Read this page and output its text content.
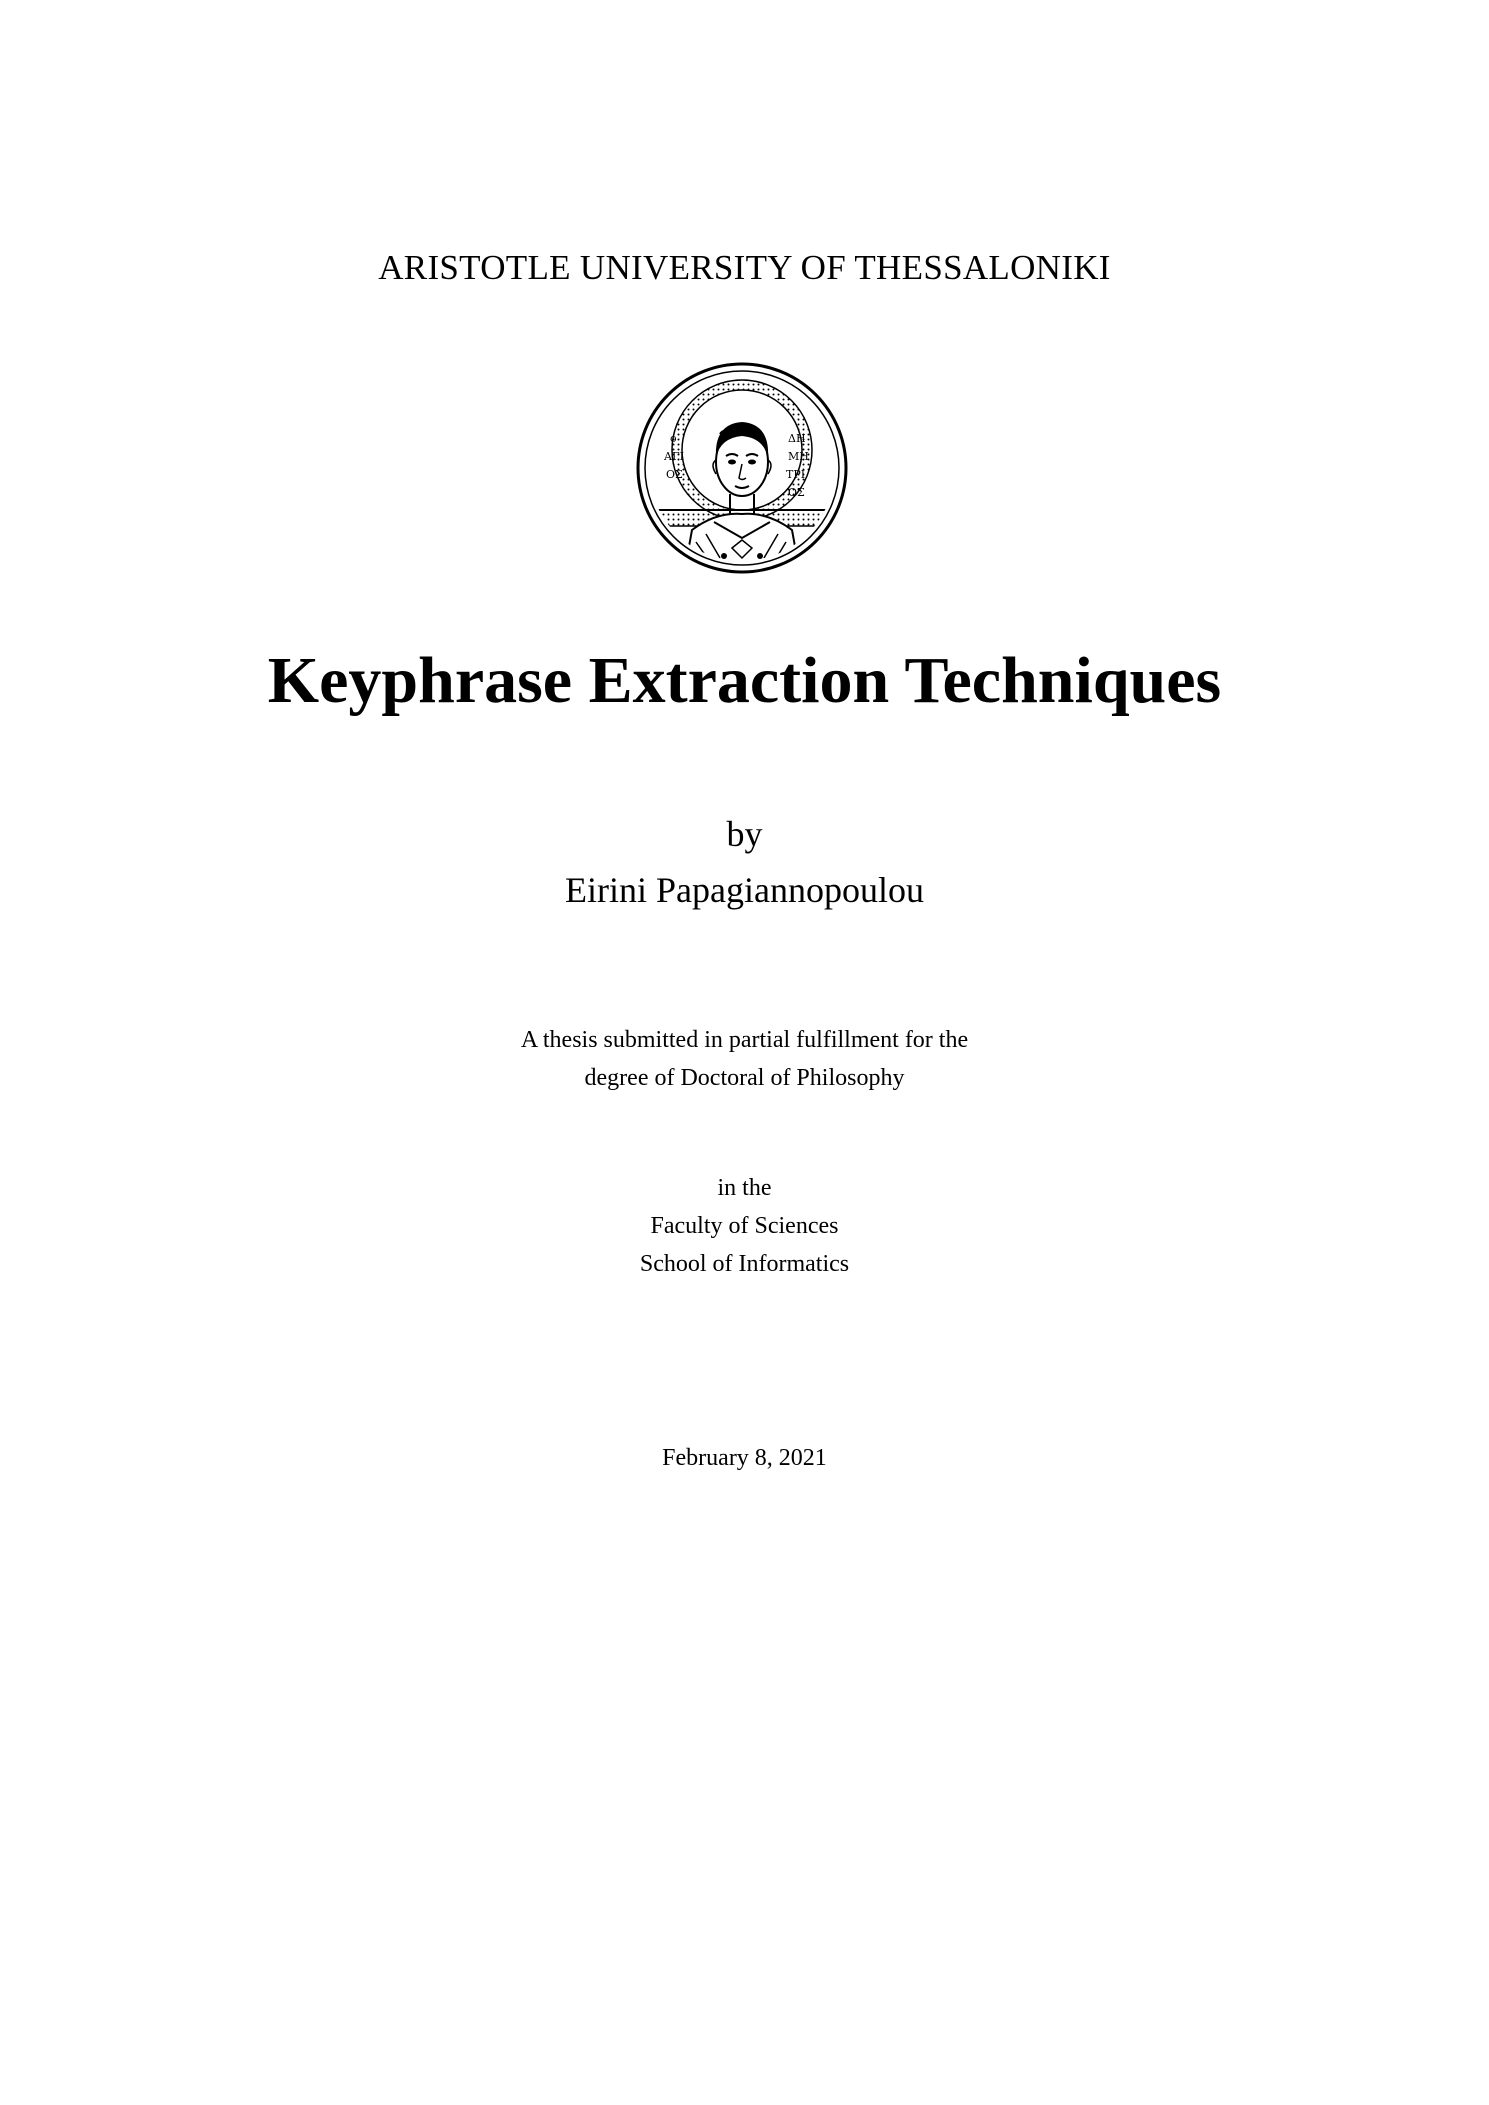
ARISTOTLE UNIVERSITY OF THESSALONIKI
ο
ΑΓΙ
ΟΣ
ΔΗ
ΜΗ
ΤΡΙ
ΟΣ
Keyphrase Extraction Techniques
by
Eirini Papagiannopoulou
A thesis submitted in partial fulfillment for the
degree of Doctoral of Philosophy
in the
Faculty of Sciences
School of Informatics
February 8, 2021
